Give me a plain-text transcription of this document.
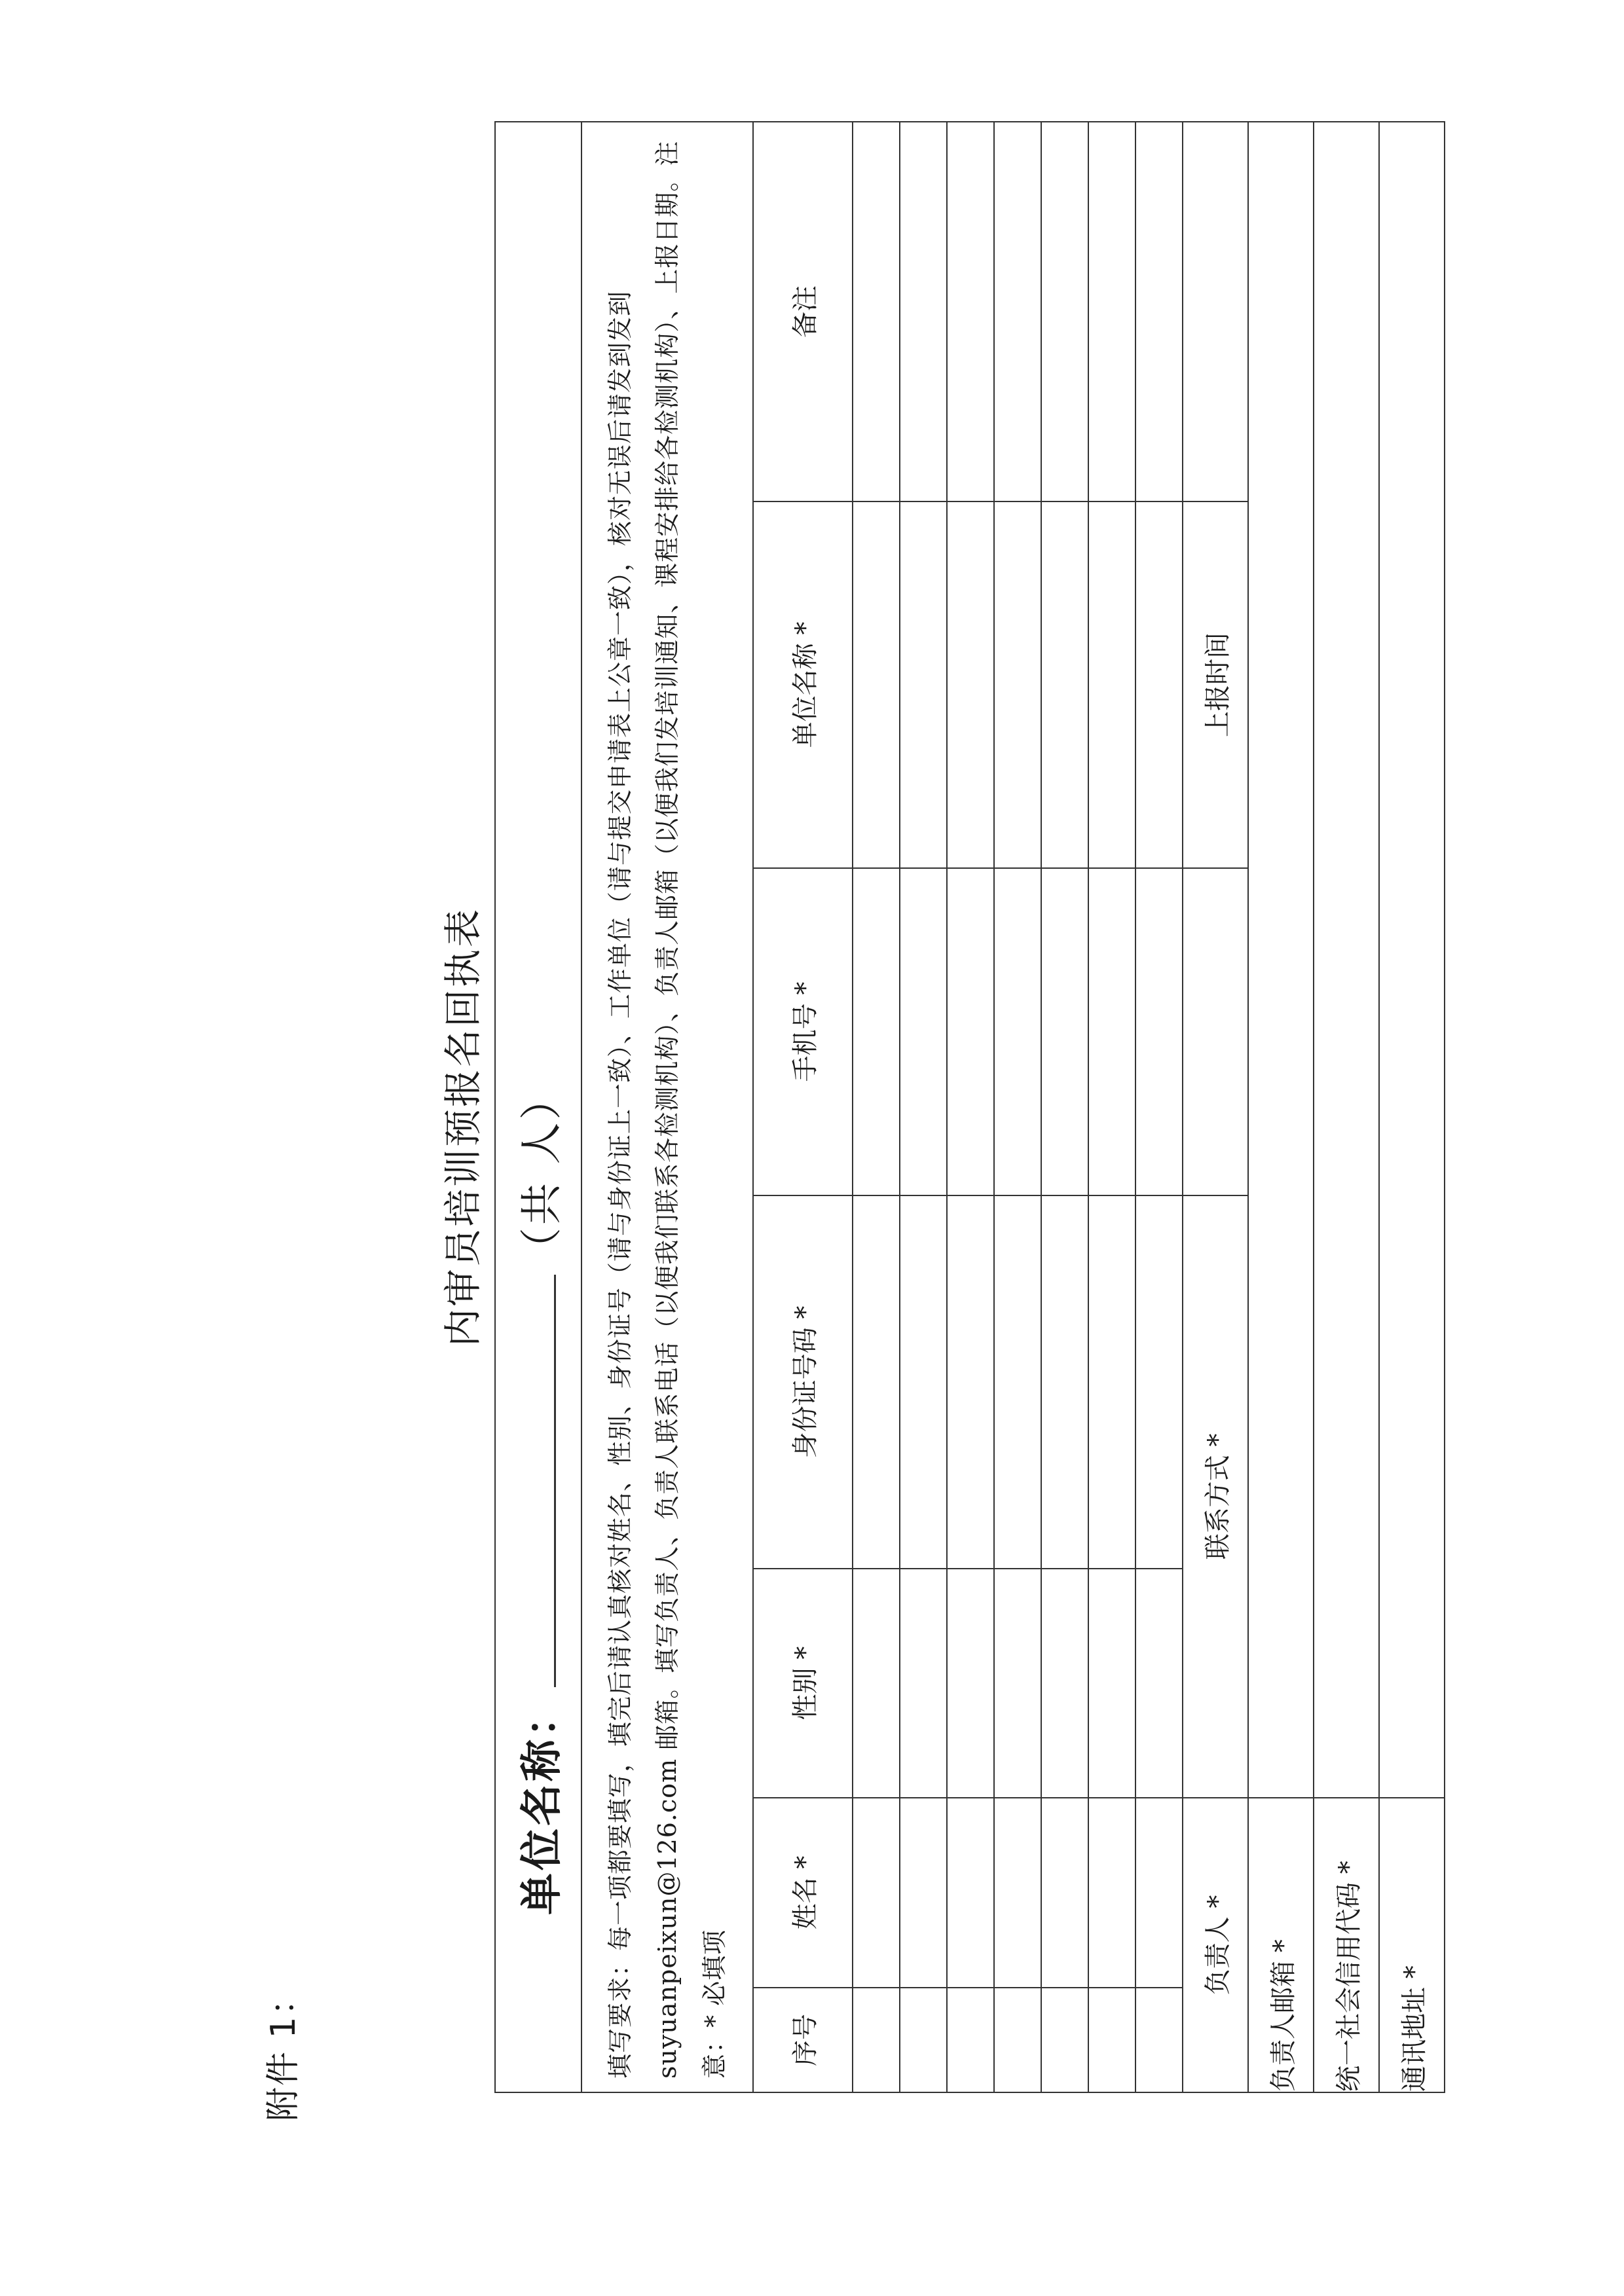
附件 1：
内审员培训预报名回执表
单位名称：
（共 人）						

填写要求：每一项都要填写，填完后请认真核对姓名、性别、身份证号（请与身份证上一致）、工作单位（请与提交申请表上公章一致），核对无误后请发到发到 suyuanpeixun@126.com 邮箱。填写负责人、负责人联系电话（以便我们联系各检测机构）、负责人邮箱（以便我们发培训通知、课程安排给各检测机构）、上报日期。注意：* 必填项						

序号	姓名 *	性别 *	身份证号码 *	手机号 *	单位名称 *	备注

负责人 *		联系方式 *			上报时间	
负责人邮箱 *						
统一社会信用代码 *						
通讯地址 *						
